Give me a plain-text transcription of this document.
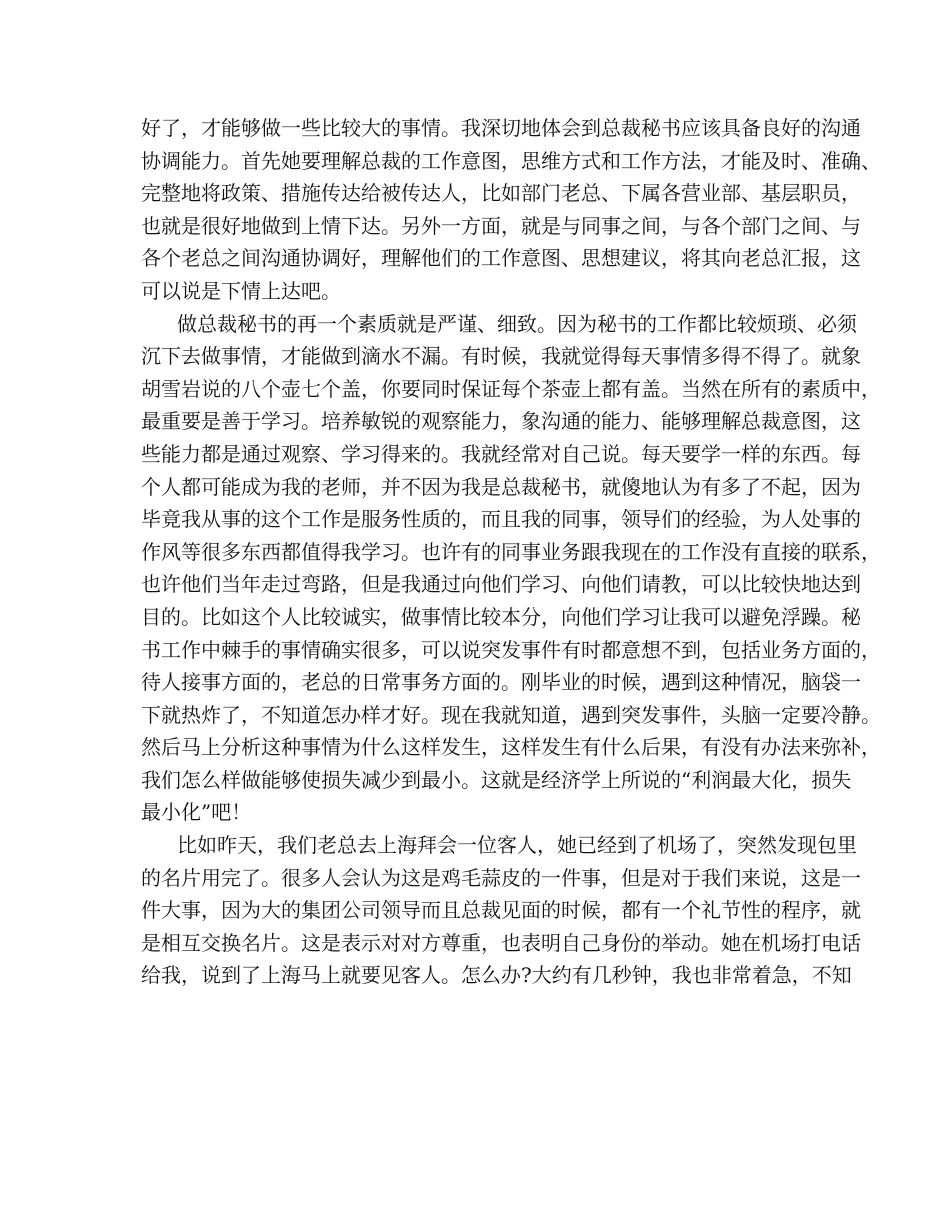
好了，才能够做一些比较大的事情。我深切地体会到总裁秘书应该具备良好的沟通
协调能力。首先她要理解总裁的工作意图，思维方式和工作方法，才能及时、准确、
完整地将政策、措施传达给被传达人，比如部门老总、下属各营业部、基层职员，
也就是很好地做到上情下达。另外一方面，就是与同事之间，与各个部门之间、与
各个老总之间沟通协调好，理解他们的工作意图、思想建议，将其向老总汇报，这
可以说是下情上达吧。
做总裁秘书的再一个素质就是严谨、细致。因为秘书的工作都比较烦琐、必须
沉下去做事情，才能做到滴水不漏。有时候，我就觉得每天事情多得不得了。就象
胡雪岩说的八个壶七个盖，你要同时保证每个茶壶上都有盖。当然在所有的素质中，
最重要是善于学习。培养敏锐的观察能力，象沟通的能力、能够理解总裁意图，这
些能力都是通过观察、学习得来的。我就经常对自己说。每天要学一样的东西。每
个人都可能成为我的老师，并不因为我是总裁秘书，就傻地认为有多了不起，因为
毕竟我从事的这个工作是服务性质的，而且我的同事，领导们的经验，为人处事的
作风等很多东西都值得我学习。也许有的同事业务跟我现在的工作没有直接的联系，
也许他们当年走过弯路，但是我通过向他们学习、向他们请教，可以比较快地达到
目的。比如这个人比较诚实，做事情比较本分，向他们学习让我可以避免浮躁。秘
书工作中棘手的事情确实很多，可以说突发事件有时都意想不到，包括业务方面的，
待人接事方面的，老总的日常事务方面的。刚毕业的时候，遇到这种情况，脑袋一
下就热炸了，不知道怎办样才好。现在我就知道，遇到突发事件，头脑一定要冷静。
然后马上分析这种事情为什么这样发生，这样发生有什么后果，有没有办法来弥补，
我们怎么样做能够使损失减少到最小。这就是经济学上所说的“利润最大化，损失
最小化”吧！
比如昨天，我们老总去上海拜会一位客人，她已经到了机场了，突然发现包里
的名片用完了。很多人会认为这是鸡毛蒜皮的一件事，但是对于我们来说，这是一
件大事，因为大的集团公司领导而且总裁见面的时候，都有一个礼节性的程序，就
是相互交换名片。这是表示对对方尊重，也表明自己身份的举动。她在机场打电话
给我，说到了上海马上就要见客人。怎么办?大约有几秒钟，我也非常着急，不知
